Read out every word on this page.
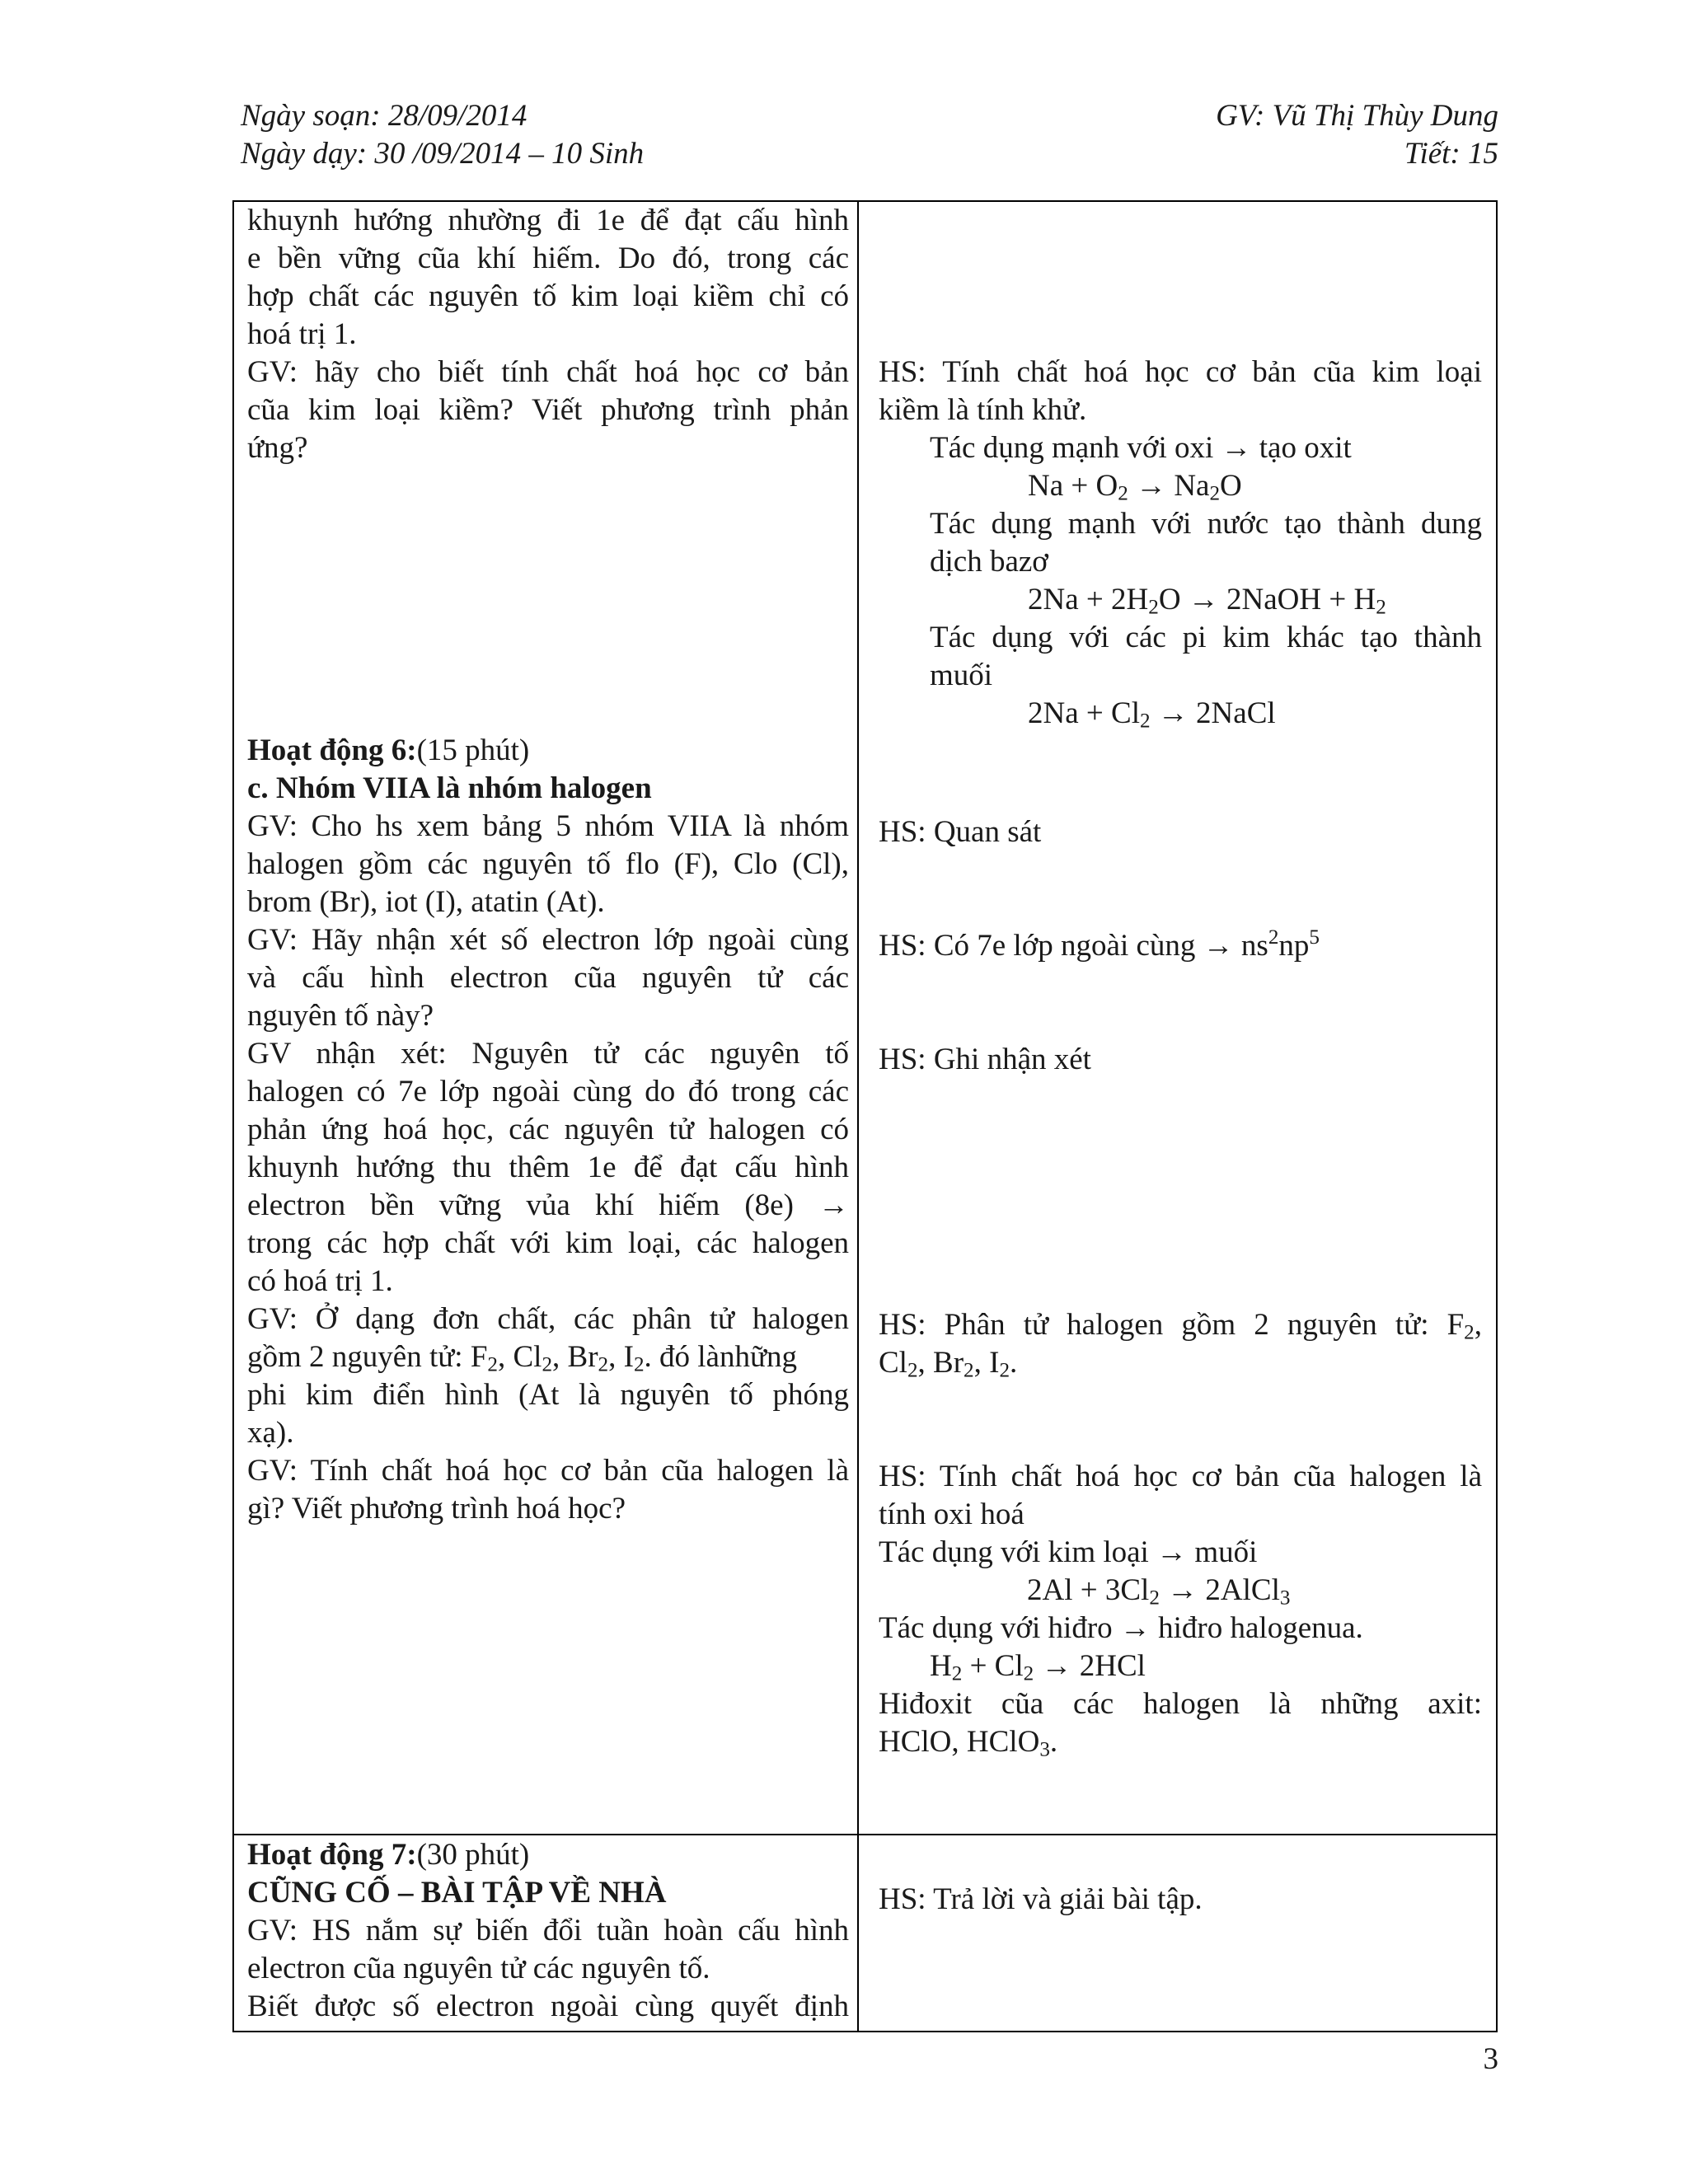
Ngày soạn: 28/09/2014
Ngày dạy: 30 /09/2014 – 10 Sinh
GV: Vũ Thị Thùy Dung
Tiết: 15
khuynh hướng nhường đi 1e để đạt cấu hình
e bền vững cũa khí hiếm. Do đó, trong các
hợp chất các nguyên tố kim loại kiềm chỉ có
hoá trị 1.
GV: hãy cho biết tính chất hoá học cơ bản
cũa kim loại kiềm? Viết phương trình phản
ứng?
Hoạt động 6:(15 phút)
c. Nhóm VIIA là nhóm halogen
GV: Cho hs xem bảng 5 nhóm VIIA là nhóm
halogen gồm các nguyên tố flo (F), Clo (Cl),
brom (Br), iot (I), atatin (At).
GV: Hãy nhận xét số electron lớp ngoài cùng
và cấu hình electron cũa nguyên tử các
nguyên tố này?
GV nhận xét: Nguyên tử các nguyên tố
halogen có 7e lớp ngoài cùng do đó trong các
phản ứng hoá học, các nguyên tử halogen có
khuynh hướng thu thêm 1e để đạt cấu hình
electron bền vững vủa khí hiếm (8e) →
trong các hợp chất với kim loại, các halogen
có hoá trị 1.
GV: Ở dạng đơn chất, các phân tử halogen
gồm 2 nguyên tử: $F_2$, $Cl_2$, $Br_2$, $I_2$. đó lànhững
phi kim điển hình (At là nguyên tố phóng
xạ).
GV: Tính chất hoá học cơ bản cũa halogen là
gì? Viết phương trình hoá học?
Hoạt động 7:(30 phút)
CŨNG CỐ – BÀI TẬP VỀ NHÀ
GV: HS nắm sự biến đổi tuần hoàn cấu hình
electron cũa nguyên tử các nguyên tố.
Biết được số electron ngoài cùng quyết định
HS: Tính chất hoá học cơ bản cũa kim loại
kiềm là tính khử.
Tác dụng mạnh với oxi → tạo oxit
$Na + O_2 \to Na_2O$
Tác dụng mạnh với nước tạo thành dung
dịch bazơ
$2Na + 2H_2O$ → 2NaOH + $H_2$
Tác dụng với các pi kim khác tạo thành
muối
$2Na + Cl_2$ → 2NaCl
HS: Quan sát
HS: Có 7e lớp ngoài cùng → $ns^2np^5$
HS: Ghi nhận xét
HS: Phân tử halogen gồm 2 nguyên tử: $F_2$,
$Cl_2$, $Br_2$, $I_2$.
HS: Tính chất hoá học cơ bản cũa halogen là
tính oxi hoá
Tác dụng với kim loại → muối
$2Al + 3Cl_2$ → 2AlCl$_3$
Tác dụng với hiđro → hiđro halogenua.
$H_2 + Cl_2 \to 2HCl$
Hiđoxit cũa các halogen là những axit:
HClO, HClO$_3$.
HS: Trả lời và giải bài tập.
3
